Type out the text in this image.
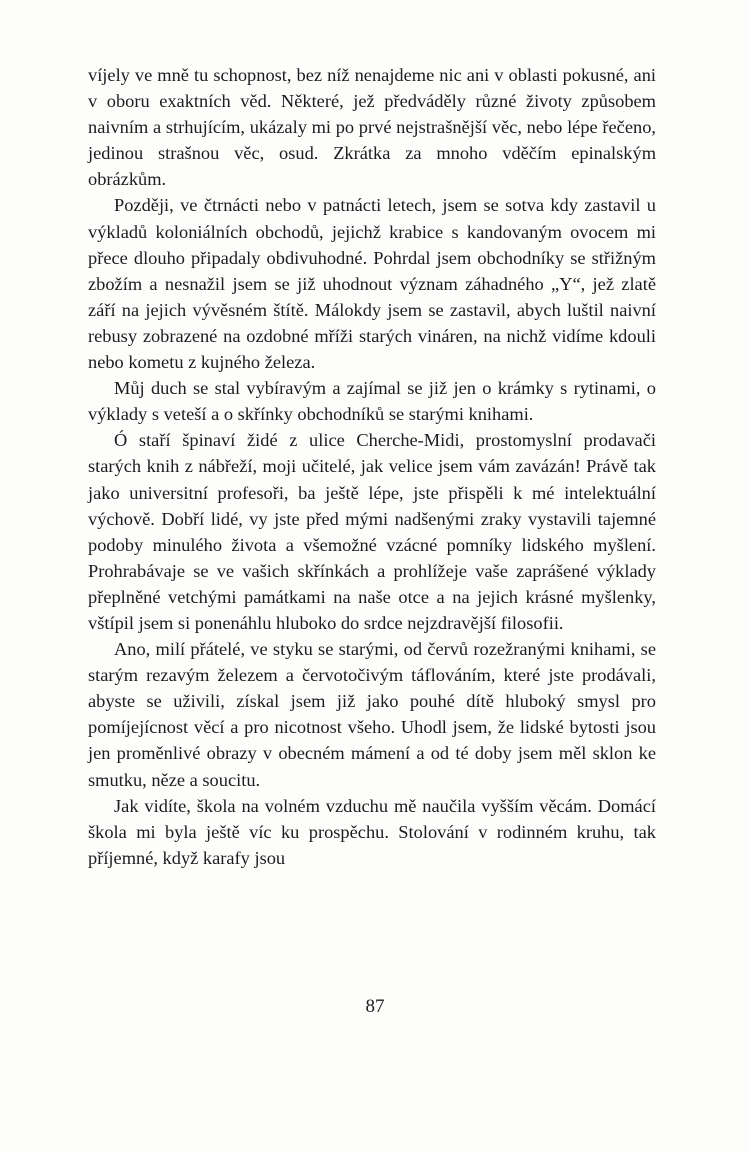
víjely ve mně tu schopnost, bez níž nenajdeme nic ani v oblasti pokusné, ani v oboru exaktních věd. Některé, jež předváděly různé životy způsobem naivním a strhujícím, ukázaly mi po prvé nejstrašnější věc, nebo lépe řečeno, jedinou strašnou věc, osud. Zkrátka za mnoho vděčím epinalským obrázkům.

Později, ve čtrnácti nebo v patnácti letech, jsem se sotva kdy zastavil u výkladů koloniálních obchodů, jejichž krabice s kandovaným ovocem mi přece dlouho připadaly obdivuhodné. Pohrdal jsem obchodníky se střižným zbožím a nesnažil jsem se již uhodnout význam záhadného „Y“, jež zlatě září na jejich vývěsném štítě. Málokdy jsem se zastavil, abych luštil naivní rebusy zobrazené na ozdobné mříži starých vináren, na nichž vidíme kdouli nebo kometu z kujného železa.

Můj duch se stal vybíravým a zajímal se již jen o krámky s rytinami, o výklady s veteší a o skřínky obchodníků se starými knihami.

Ó staří špinaví židé z ulice Cherche-Midi, prostomyslní prodavači starých knih z nábřeží, moji učitelé, jak velice jsem vám zavázán! Právě tak jako universitní profesoři, ba ještě lépe, jste přispěli k mé intelektuální výchově. Dobří lidé, vy jste před mými nadšenými zraky vystavili tajemné podoby minulého života a všemožné vzácné pomníky lidského myšlení. Prohrabávaje se ve vašich skřínkách a prohlížeje vaše zaprášené výklady přeplněné vetchými památkami na naše otce a na jejich krásné myšlenky, vštípil jsem si ponenáhlu hluboko do srdce nejzdravější filosofii.

Ano, milí přátelé, ve styku se starými, od červů rozežranými knihami, se starým rezavým železem a červotočivým táflováním, které jste prodávali, abyste se uživili, získal jsem již jako pouhé dítě hluboký smysl pro pomíjejícnost věcí a pro nicotnost všeho. Uhodl jsem, že lidské bytosti jsou jen proměnlivé obrazy v obecném mámení a od té doby jsem měl sklon ke smutku, něze a soucitu.

Jak vidíte, škola na volném vzduchu mě naučila vyšším věcám. Domácí škola mi byla ještě víc ku prospěchu. Stolování v rodinném kruhu, tak příjemné, když karafy jsou

87
